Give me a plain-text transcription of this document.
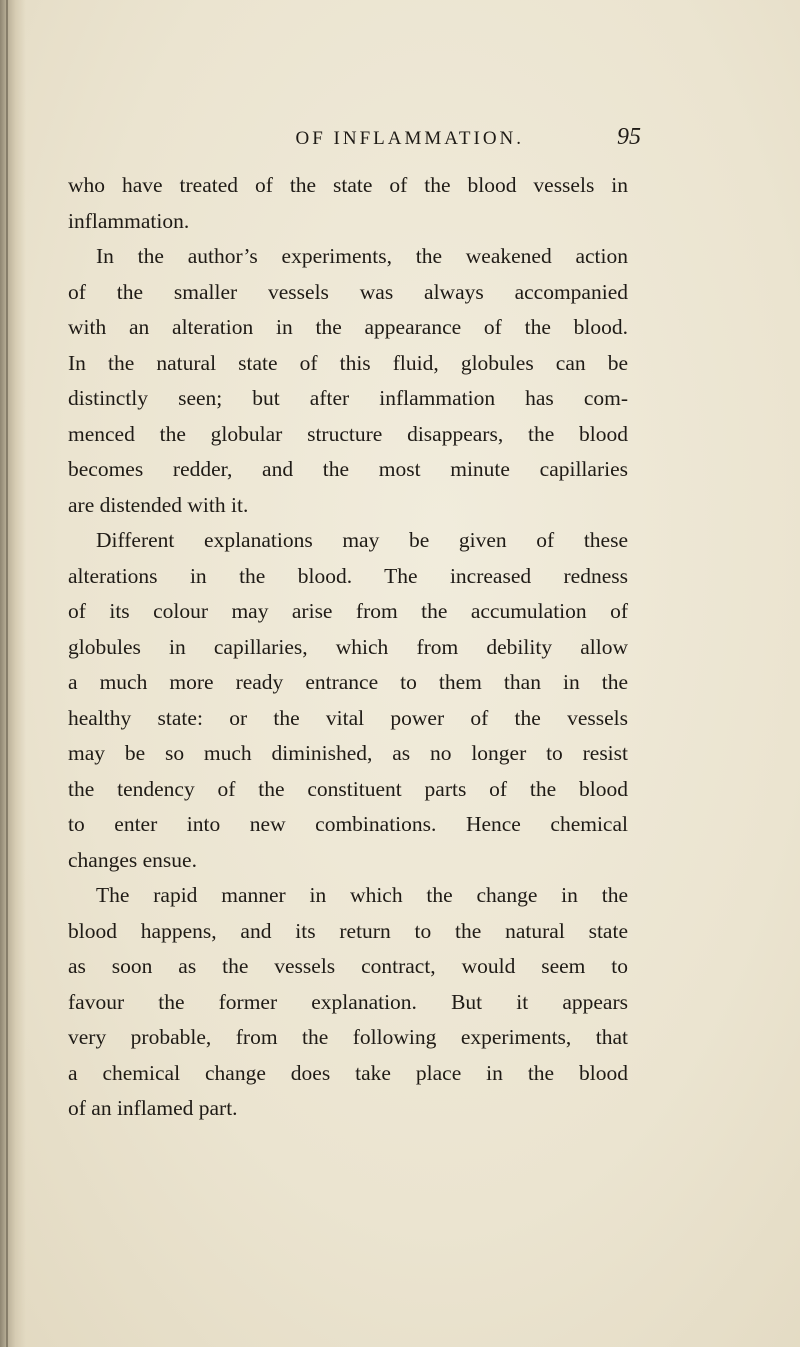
OF INFLAMMATION.	95
who have treated of the state of the blood vessels in
inflammation.
In the author’s experiments, the weakened action
of the smaller vessels was always accompanied
with an alteration in the appearance of the blood.
In the natural state of this fluid, globules can be
distinctly seen; but after inflammation has com-
menced the globular structure disappears, the blood
becomes redder, and the most minute capillaries
are distended with it.
Different explanations may be given of these
alterations in the blood. The increased redness
of its colour may arise from the accumulation of
globules in capillaries, which from debility allow
a much more ready entrance to them than in the
healthy state: or the vital power of the vessels
may be so much diminished, as no longer to resist
the tendency of the constituent parts of the blood
to enter into new combinations. Hence chemical
changes ensue.
The rapid manner in which the change in the
blood happens, and its return to the natural state
as soon as the vessels contract, would seem to
favour the former explanation. But it appears
very probable, from the following experiments, that
a chemical change does take place in the blood
of an inflamed part.
